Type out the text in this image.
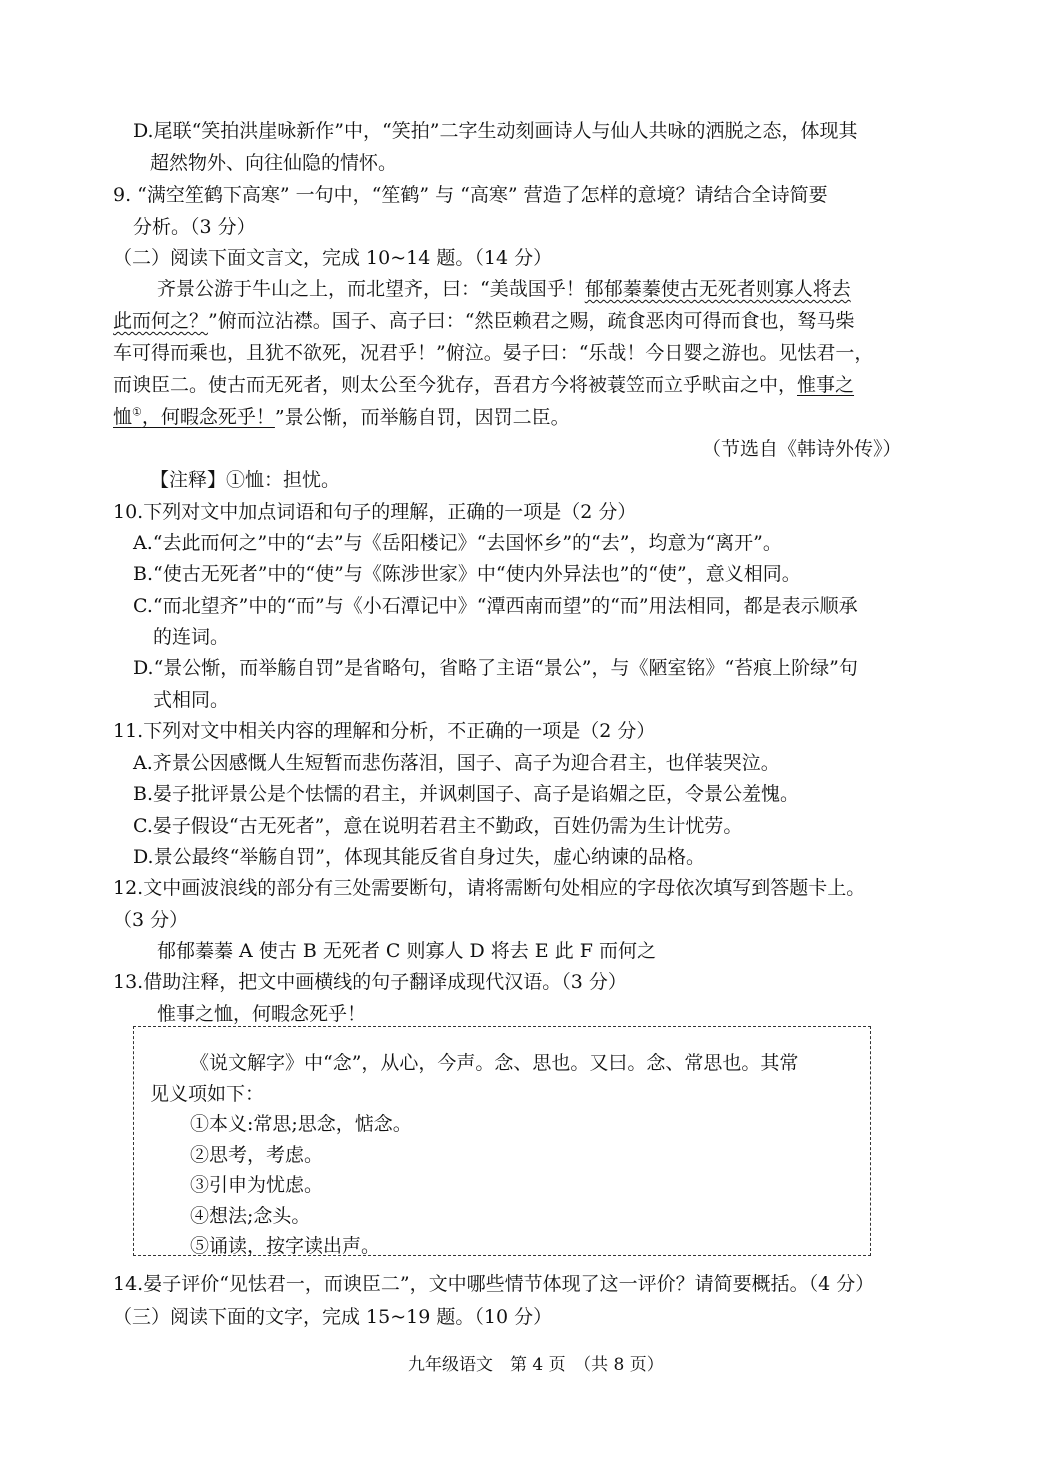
D.尾联“笑拍洪崖咏新作”中，“笑拍”二字生动刻画诗人与仙人共咏的洒脱之态，体现其
超然物外、向往仙隐的情怀。
9. “满空笙鹤下高寒” 一句中，“笙鹤” 与 “高寒” 营造了怎样的意境？请结合全诗简要
分析。（3 分）
（二）阅读下面文言文，完成 10~14 题。（14 分）
齐景公游于牛山之上，而北望齐，曰：“美哉国乎！郁郁蓁蓁使古无死者则寡人将去
此而何之？”俯而泣沾襟。国子、高子曰：“然臣赖君之赐，疏食恶肉可得而食也，驽马柴
车可得而乘也，且犹不欲死，况君乎！”俯泣。晏子曰：“乐哉！今日婴之游也。见怯君一，
而谀臣二。使古而无死者，则太公至今犹存，吾君方今将被蓑笠而立乎畎亩之中，惟事之
恤①，何暇念死乎！”景公惭，而举觞自罚，因罚二臣。
（节选自《韩诗外传》）
【注释】①恤：担忧。
10.下列对文中加点词语和句子的理解，正确的一项是（2 分）
A.“去此而何之”中的“去”与《岳阳楼记》“去国怀乡”的“去”，均意为“离开”。
B.“使古无死者”中的“使”与《陈涉世家》中“使内外异法也”的“使”，意义相同。
C.“而北望齐”中的“而”与《小石潭记中》“潭西南而望”的“而”用法相同，都是表示顺承
的连词。
D.“景公惭，而举觞自罚”是省略句，省略了主语“景公”，与《陋室铭》“苔痕上阶绿”句
式相同。
11.下列对文中相关内容的理解和分析，不正确的一项是（2 分）
A.齐景公因感慨人生短暂而悲伤落泪，国子、高子为迎合君主，也佯装哭泣。
B.晏子批评景公是个怯懦的君主，并讽刺国子、高子是谄媚之臣，令景公羞愧。
C.晏子假设“古无死者”，意在说明若君主不勤政，百姓仍需为生计忧劳。
D.景公最终“举觞自罚”，体现其能反省自身过失，虚心纳谏的品格。
12.文中画波浪线的部分有三处需要断句，请将需断句处相应的字母依次填写到答题卡上。
（3 分）
郁郁蓁蓁 A 使古 B 无死者 C 则寡人 D 将去 E 此 F 而何之
13.借助注释，把文中画横线的句子翻译成现代汉语。（3 分）
惟事之恤，何暇念死乎！
《说文解字》中“念”，从心，今声。念、思也。又曰。念、常思也。其常
见义项如下：
①本义:常思;思念，惦念。
②思考，考虑。
③引申为忧虑。
④想法;念头。
⑤诵读，按字读出声。
14.晏子评价“见怯君一，而谀臣二”，文中哪些情节体现了这一评价？请简要概括。（4 分）
（三）阅读下面的文字，完成 15~19 题。（10 分）
九年级语文　第 4 页　（共 8 页）
